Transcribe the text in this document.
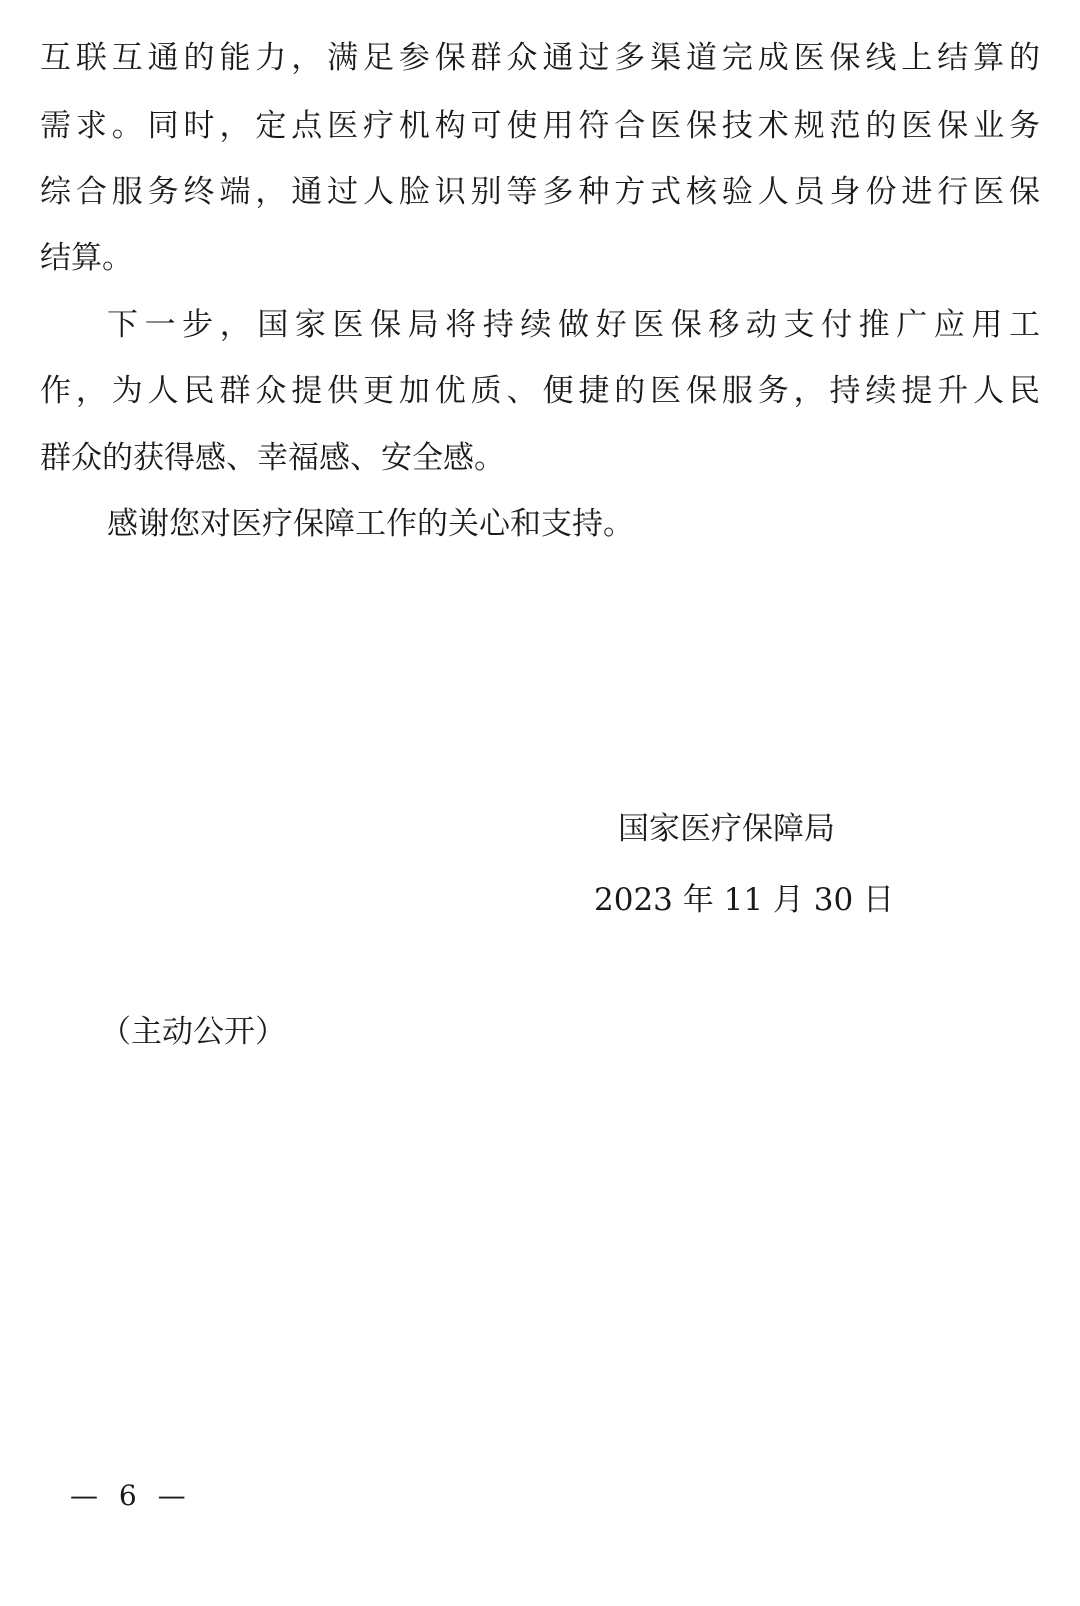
互联互通的能力，满足参保群众通过多渠道完成医保线上结算的
需求。同时，定点医疗机构可使用符合医保技术规范的医保业务
综合服务终端，通过人脸识别等多种方式核验人员身份进行医保
结算。
下一步，国家医保局将持续做好医保移动支付推广应用工
作，为人民群众提供更加优质、便捷的医保服务，持续提升人民
群众的获得感、幸福感、安全感。
感谢您对医疗保障工作的关心和支持。
国家医疗保障局
2023 年 11 月 30 日
（主动公开）
— 6 —
